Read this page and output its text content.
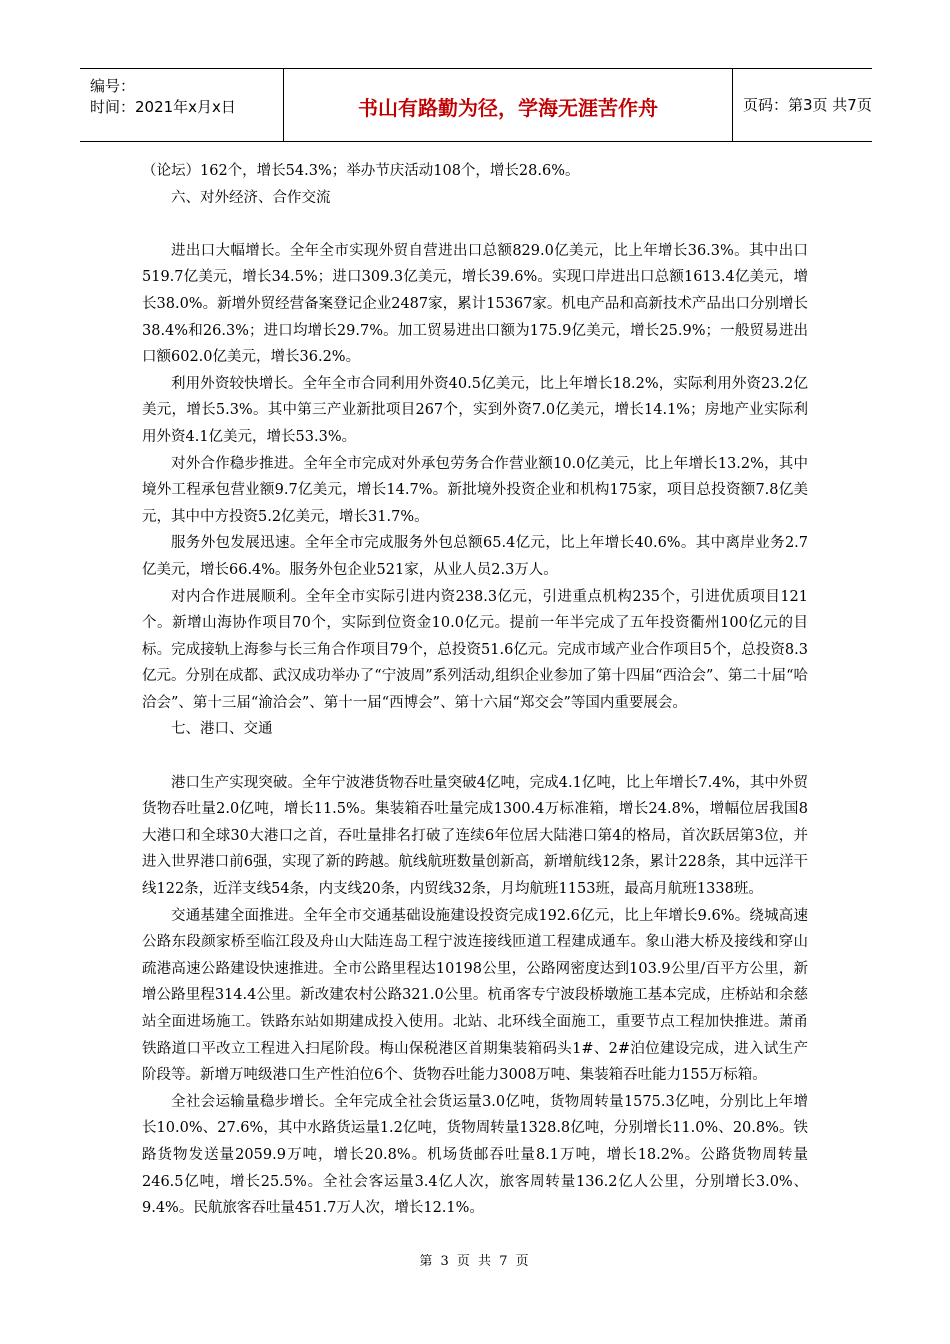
编号：
时间：2021年x月x日	书山有路勤为径，学海无涯苦作舟	页码：第3页 共7页

（论坛）162个，增长54.3%；举办节庆活动108个，增长28.6%。

六、对外经济、合作交流

进出口大幅增长。全年全市实现外贸自营进出口总额829.0亿美元，比上年增长36.3%。其中出口519.7亿美元，增长34.5%；进口309.3亿美元，增长39.6%。实现口岸进出口总额1613.4亿美元，增长38.0%。新增外贸经营备案登记企业2487家，累计15367家。机电产品和高新技术产品出口分别增长38.4%和26.3%；进口均增长29.7%。加工贸易进出口额为175.9亿美元，增长25.9%；一般贸易进出口额602.0亿美元，增长36.2%。

利用外资较快增长。全年全市合同利用外资40.5亿美元，比上年增长18.2%，实际利用外资23.2亿美元，增长5.3%。其中第三产业新批项目267个，实到外资7.0亿美元，增长14.1%；房地产业实际利用外资4.1亿美元，增长53.3%。

对外合作稳步推进。全年全市完成对外承包劳务合作营业额10.0亿美元，比上年增长13.2%，其中境外工程承包营业额9.7亿美元，增长14.7%。新批境外投资企业和机构175家，项目总投资额7.8亿美元，其中中方投资5.2亿美元，增长31.7%。

服务外包发展迅速。全年全市完成服务外包总额65.4亿元，比上年增长40.6%。其中离岸业务2.7亿美元，增长66.4%。服务外包企业521家，从业人员2.3万人。

对内合作进展顺利。全年全市实际引进内资238.3亿元，引进重点机构235个，引进优质项目121个。新增山海协作项目70个，实际到位资金10.0亿元。提前一年半完成了五年投资衢州100亿元的目标。完成接轨上海参与长三角合作项目79个，总投资51.6亿元。完成市域产业合作项目5个，总投资8.3亿元。分别在成都、武汉成功举办了“宁波周”系列活动,组织企业参加了第十四届“西洽会”、第二十届“哈洽会”、第十三届“渝洽会”、第十一届“西博会”、第十六届“郑交会”等国内重要展会。

七、港口、交通

港口生产实现突破。全年宁波港货物吞吐量突破4亿吨，完成4.1亿吨，比上年增长7.4%，其中外贸货物吞吐量2.0亿吨，增长11.5%。集装箱吞吐量完成1300.4万标准箱，增长24.8%，增幅位居我国8大港口和全球30大港口之首，吞吐量排名打破了连续6年位居大陆港口第4的格局，首次跃居第3位，并进入世界港口前6强，实现了新的跨越。航线航班数量创新高，新增航线12条，累计228条，其中远洋干线122条，近洋支线54条，内支线20条，内贸线32条，月均航班1153班，最高月航班1338班。

交通基建全面推进。全年全市交通基础设施建设投资完成192.6亿元，比上年增长9.6%。绕城高速公路东段颜家桥至临江段及舟山大陆连岛工程宁波连接线匝道工程建成通车。象山港大桥及接线和穿山疏港高速公路建设快速推进。全市公路里程达10198公里，公路网密度达到103.9公里/百平方公里，新增公路里程314.4公里。新改建农村公路321.0公里。杭甬客专宁波段桥墩施工基本完成，庄桥站和余慈站全面进场施工。铁路东站如期建成投入使用。北站、北环线全面施工，重要节点工程加快推进。萧甬铁路道口平改立工程进入扫尾阶段。梅山保税港区首期集装箱码头1#、2#泊位建设完成，进入试生产阶段等。新增万吨级港口生产性泊位6个、货物吞吐能力3008万吨、集装箱吞吐能力155万标箱。

全社会运输量稳步增长。全年完成全社会货运量3.0亿吨，货物周转量1575.3亿吨，分别比上年增长10.0%、27.6%，其中水路货运量1.2亿吨，货物周转量1328.8亿吨，分别增长11.0%、20.8%。铁路货物发送量2059.9万吨，增长20.8%。机场货邮吞吐量8.1万吨，增长18.2%。公路货物周转量246.5亿吨，增长25.5%。全社会客运量3.4亿人次，旅客周转量136.2亿人公里，分别增长3.0%、9.4%。民航旅客吞吐量451.7万人次，增长12.1%。

第 3 页 共 7 页
